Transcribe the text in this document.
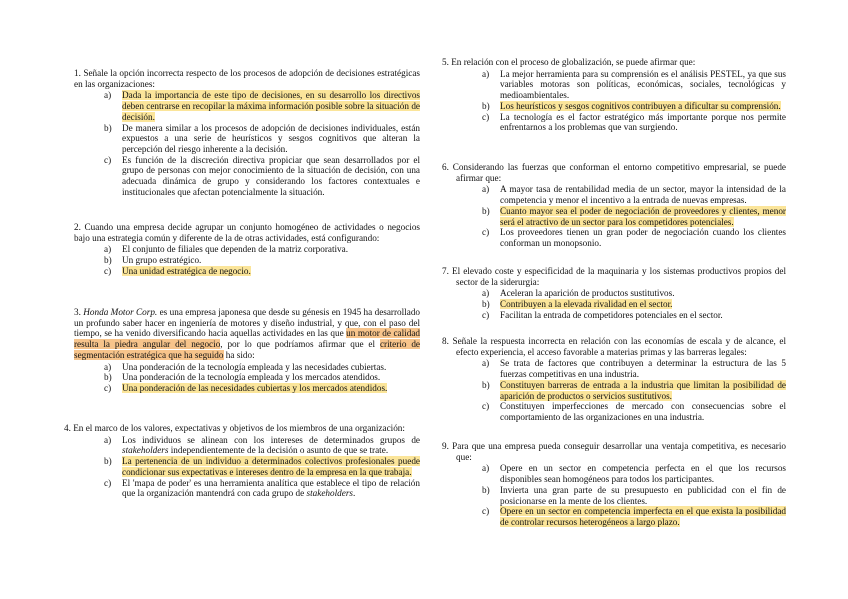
1. Señale la opción incorrecta respecto de los procesos de adopción de decisiones estratégicas en las organizaciones:
a) Dada la importancia de este tipo de decisiones, en su desarrollo los directivos deben centrarse en recopilar la máxima información posible sobre la situación de decisión.
b) De manera similar a los procesos de adopción de decisiones individuales, están expuestos a una serie de heurísticos y sesgos cognitivos que alteran la percepción del riesgo inherente a la decisión.
c) Es función de la discreción directiva propiciar que sean desarrollados por el grupo de personas con mejor conocimiento de la situación de decisión, con una adecuada dinámica de grupo y considerando los factores contextuales e institucionales que afectan potencialmente la situación.
2. Cuando una empresa decide agrupar un conjunto homogéneo de actividades o negocios bajo una estrategia común y diferente de la de otras actividades, está configurando:
a) El conjunto de filiales que dependen de la matriz corporativa.
b) Un grupo estratégico.
c) Una unidad estratégica de negocio.
3. Honda Motor Corp. es una empresa japonesa que desde su génesis en 1945 ha desarrollado un profundo saber hacer en ingeniería de motores y diseño industrial, y que, con el paso del tiempo, se ha venido diversificando hacia aquellas actividades en las que un motor de calidad resulta la piedra angular del negocio, por lo que podríamos afirmar que el criterio de segmentación estratégica que ha seguido ha sido:
a) Una ponderación de la tecnología empleada y las necesidades cubiertas.
b) Una ponderación de la tecnología empleada y los mercados atendidos.
c) Una ponderación de las necesidades cubiertas y los mercados atendidos.
4. En el marco de los valores, expectativas y objetivos de los miembros de una organización:
a) Los individuos se alinean con los intereses de determinados grupos de stakeholders independientemente de la decisión o asunto de que se trate.
b) La pertenencia de un individuo a determinados colectivos profesionales puede condicionar sus expectativas e intereses dentro de la empresa en la que trabaja.
c) El 'mapa de poder' es una herramienta analítica que establece el tipo de relación que la organización mantendrá con cada grupo de stakeholders.
5. En relación con el proceso de globalización, se puede afirmar que:
a) La mejor herramienta para su comprensión es el análisis PESTEL, ya que sus variables motoras son políticas, económicas, sociales, tecnológicas y medioambientales.
b) Los heurísticos y sesgos cognitivos contribuyen a dificultar su comprensión.
c) La tecnología es el factor estratégico más importante porque nos permite enfrentarnos a los problemas que van surgiendo.
6. Considerando las fuerzas que conforman el entorno competitivo empresarial, se puede afirmar que:
a) A mayor tasa de rentabilidad media de un sector, mayor la intensidad de la competencia y menor el incentivo a la entrada de nuevas empresas.
b) Cuanto mayor sea el poder de negociación de proveedores y clientes, menor será el atractivo de un sector para los competidores potenciales.
c) Los proveedores tienen un gran poder de negociación cuando los clientes conforman un monopsonio.
7. El elevado coste y especificidad de la maquinaria y los sistemas productivos propios del sector de la siderurgia:
a) Aceleran la aparición de productos sustitutivos.
b) Contribuyen a la elevada rivalidad en el sector.
c) Facilitan la entrada de competidores potenciales en el sector.
8. Señale la respuesta incorrecta en relación con las economías de escala y de alcance, el efecto experiencia, el acceso favorable a materias primas y las barreras legales:
a) Se trata de factores que contribuyen a determinar la estructura de las 5 fuerzas competitivas en una industria.
b) Constituyen barreras de entrada a la industria que limitan la posibilidad de aparición de productos o servicios sustitutivos.
c) Constituyen imperfecciones de mercado con consecuencias sobre el comportamiento de las organizaciones en una industria.
9. Para que una empresa pueda conseguir desarrollar una ventaja competitiva, es necesario que:
a) Opere en un sector en competencia perfecta en el que los recursos disponibles sean homogéneos para todos los participantes.
b) Invierta una gran parte de su presupuesto en publicidad con el fin de posicionarse en la mente de los clientes.
c) Opere en un sector en competencia imperfecta en el que exista la posibilidad de controlar recursos heterogéneos a largo plazo.
